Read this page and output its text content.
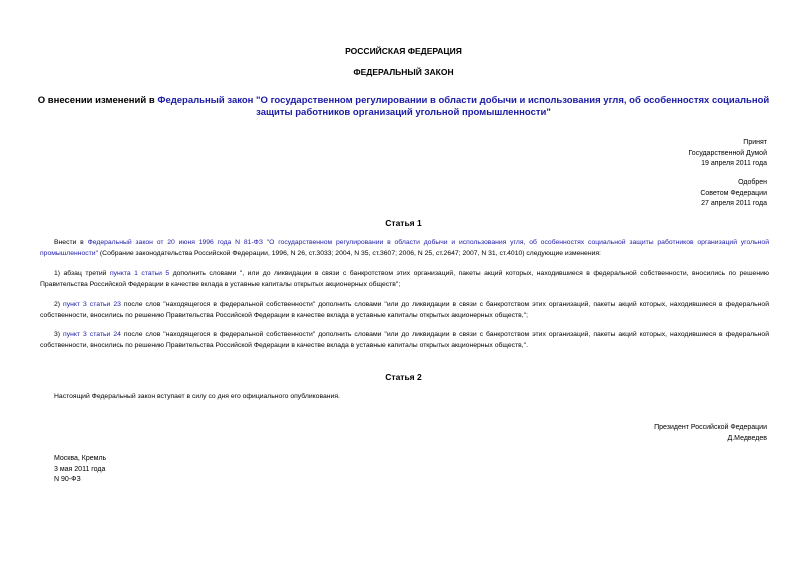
РОССИЙСКАЯ ФЕДЕРАЦИЯ
ФЕДЕРАЛЬНЫЙ ЗАКОН
О внесении изменений в Федеральный закон "О государственном регулировании в области добычи и использования угля, об особенностях социальной защиты работников организаций угольной промышленности"
Принят
Государственной Думой
19 апреля 2011 года
Одобрен
Советом Федерации
27 апреля 2011 года
Статья 1
Внести в Федеральный закон от 20 июня 1996 года N 81-ФЗ "О государственном регулировании в области добычи и использования угля, об особенностях социальной защиты работников организаций угольной промышленности" (Собрание законодательства Российской Федерации, 1996, N 26, ст.3033; 2004, N 35, ст.3607; 2006, N 25, ст.2647; 2007, N 31, ст.4010) следующие изменения:
1) абзац третий пункта 1 статьи 5 дополнить словами ", или до ликвидации в связи с банкротством этих организаций, пакеты акций которых, находившиеся в федеральной собственности, вносились по решению Правительства Российской Федерации в качестве вклада в уставные капиталы открытых акционерных обществ";
2) пункт 3 статьи 23 после слов "находящегося в федеральной собственности" дополнить словами "или до ликвидации в связи с банкротством этих организаций, пакеты акций которых, находившиеся в федеральной собственности, вносились по решению Правительства Российской Федерации в качестве вклада в уставные капиталы открытых акционерных обществ,";
3) пункт 3 статьи 24 после слов "находящегося в федеральной собственности" дополнить словами "или до ликвидации в связи с банкротством этих организаций, пакеты акций которых, находившиеся в федеральной собственности, вносились по решению Правительства Российской Федерации в качестве вклада в уставные капиталы открытых акционерных обществ,".
Статья 2
Настоящий Федеральный закон вступает в силу со дня его официального опубликования.
Президент Российской Федерации
Д.Медведев
Москва, Кремль
3 мая 2011 года
N 90-ФЗ
